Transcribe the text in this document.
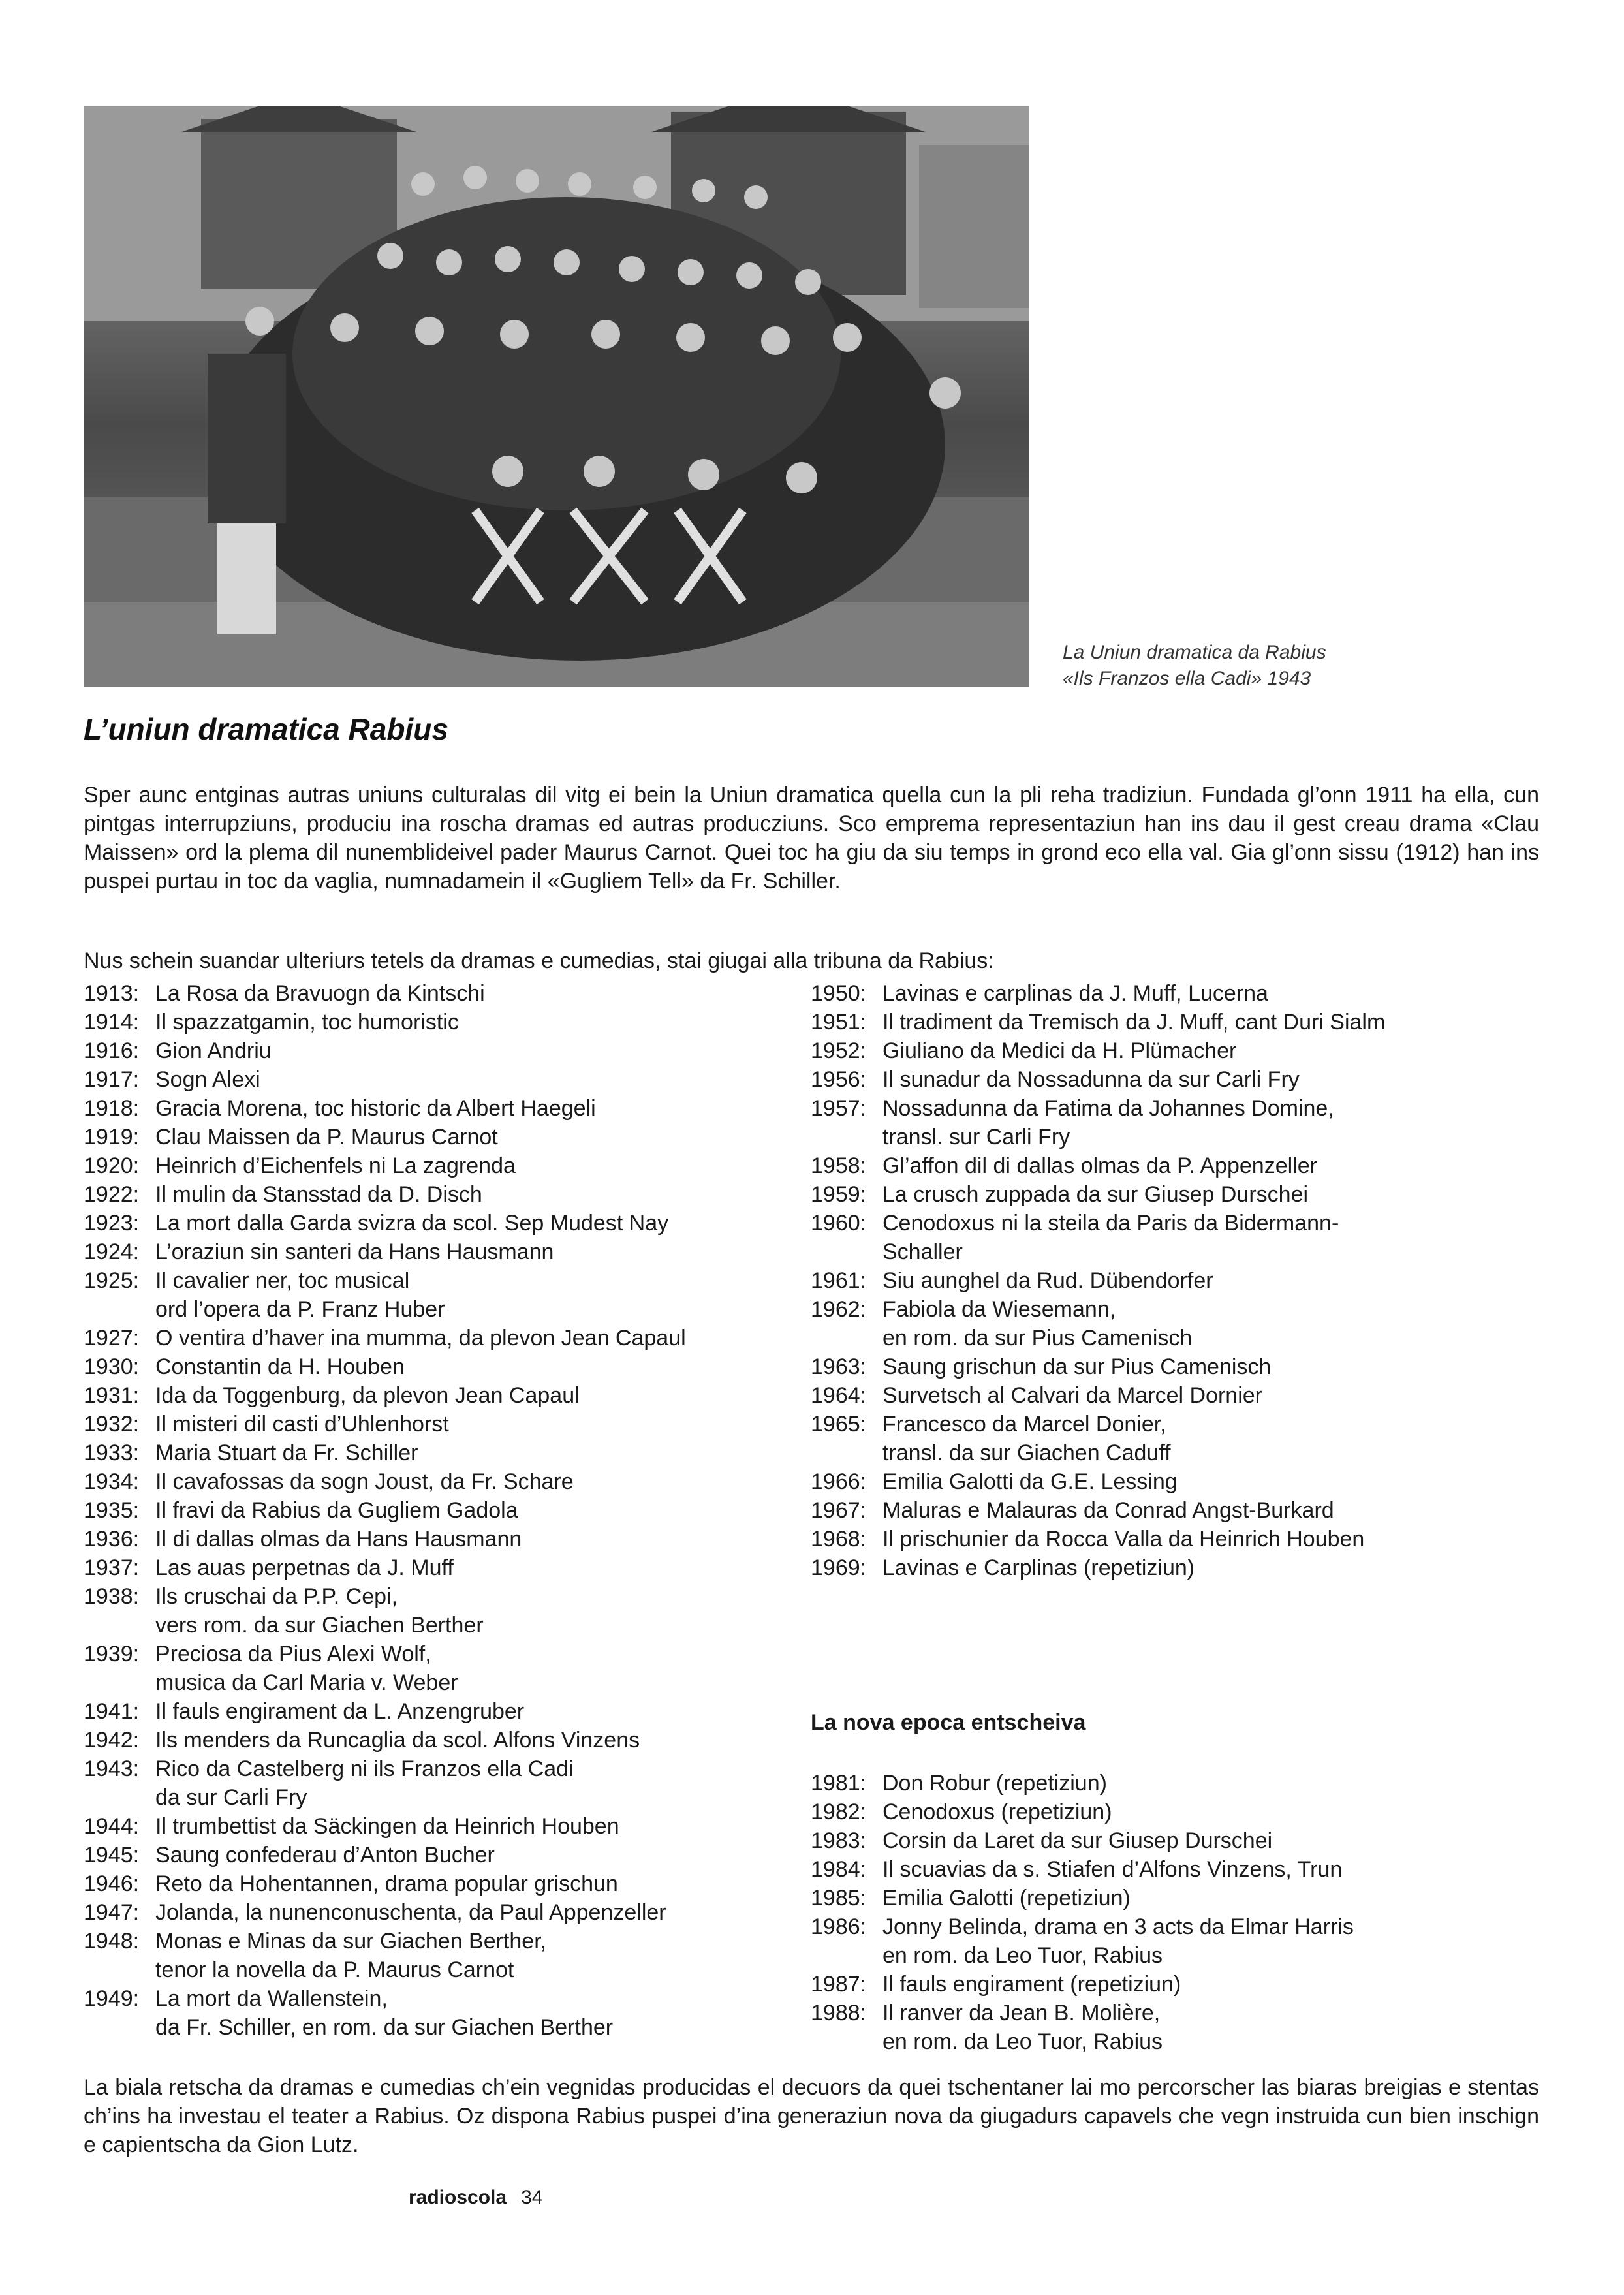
La Uniun dramatica da Rabius
«Ils Franzos ella Cadi» 1943
L’uniun dramatica Rabius
Sper aunc entginas autras uniuns culturalas dil vitg ei bein la Uniun dramatica quella cun la pli reha tradiziun. Fundada gl’onn 1911 ha ella, cun pintgas interrupziuns, produciu ina roscha dramas ed autras producziuns. Sco emprema representaziun han ins dau il gest creau drama «Clau Maissen» ord la plema dil nunemblideivel pader Maurus Carnot. Quei toc ha giu da siu temps in grond eco ella val. Gia gl’onn sissu (1912) han ins puspei purtau in toc da vaglia, numnadamein il «Gugliem Tell» da Fr. Schiller.
Nus schein suandar ulteriurs tetels da dramas e cumedias, stai giugai alla tribuna da Rabius:
1913: La Rosa da Bravuogn da Kintschi
1914: Il spazzatgamin, toc humoristic
1916: Gion Andriu
1917: Sogn Alexi
1918: Gracia Morena, toc historic da Albert Haegeli
1919: Clau Maissen da P. Maurus Carnot
1920: Heinrich d’Eichenfels ni La zagrenda
1922: Il mulin da Stansstad da D. Disch
1923: La mort dalla Garda svizra da scol. Sep Mudest Nay
1924: L’oraziun sin santeri da Hans Hausmann
1925: Il cavalier ner, toc musical
ord l’opera da P. Franz Huber
1927: O ventira d’haver ina mumma, da plevon Jean Capaul
1930: Constantin da H. Houben
1931: Ida da Toggenburg, da plevon Jean Capaul
1932: Il misteri dil casti d’Uhlenhorst
1933: Maria Stuart da Fr. Schiller
1934: Il cavafossas da sogn Joust, da Fr. Schare
1935: Il fravi da Rabius da Gugliem Gadola
1936: Il di dallas olmas da Hans Hausmann
1937: Las auas perpetnas da J. Muff
1938: Ils cruschai da P.P. Cepi,
vers rom. da sur Giachen Berther
1939: Preciosa da Pius Alexi Wolf,
musica da Carl Maria v. Weber
1941: Il fauls engirament da L. Anzengruber
1942: Ils menders da Runcaglia da scol. Alfons Vinzens
1943: Rico da Castelberg ni ils Franzos ella Cadi
da sur Carli Fry
1944: Il trumbettist da Säckingen da Heinrich Houben
1945: Saung confederau d’Anton Bucher
1946: Reto da Hohentannen, drama popular grischun
1947: Jolanda, la nunenconuschenta, da Paul Appenzeller
1948: Monas e Minas da sur Giachen Berther,
tenor la novella da P. Maurus Carnot
1949: La mort da Wallenstein,
da Fr. Schiller, en rom. da sur Giachen Berther
1950: Lavinas e carplinas da J. Muff, Lucerna
1951: Il tradiment da Tremisch da J. Muff, cant Duri Sialm
1952: Giuliano da Medici da H. Plümacher
1956: Il sunadur da Nossadunna da sur Carli Fry
1957: Nossadunna da Fatima da Johannes Domine,
transl. sur Carli Fry
1958: Gl’affon dil di dallas olmas da P. Appenzeller
1959: La crusch zuppada da sur Giusep Durschei
1960: Cenodoxus ni la steila da Paris da Bidermann-
Schaller
1961: Siu aunghel da Rud. Dübendorfer
1962: Fabiola da Wiesemann,
en rom. da sur Pius Camenisch
1963: Saung grischun da sur Pius Camenisch
1964: Survetsch al Calvari da Marcel Dornier
1965: Francesco da Marcel Donier,
transl. da sur Giachen Caduff
1966: Emilia Galotti da G.E. Lessing
1967: Maluras e Malauras da Conrad Angst-Burkard
1968: Il prischunier da Rocca Valla da Heinrich Houben
1969: Lavinas e Carplinas (repetiziun)
La nova epoca entscheiva
1981: Don Robur (repetiziun)
1982: Cenodoxus (repetiziun)
1983: Corsin da Laret da sur Giusep Durschei
1984: Il scuavias da s. Stiafen d’Alfons Vinzens, Trun
1985: Emilia Galotti (repetiziun)
1986: Jonny Belinda, drama en 3 acts da Elmar Harris
en rom. da Leo Tuor, Rabius
1987: Il fauls engirament (repetiziun)
1988: Il ranver da Jean B. Molière,
en rom. da Leo Tuor, Rabius
La biala retscha da dramas e cumedias ch’ein vegnidas producidas el decuors da quei tschentaner lai mo percorscher las biaras breigias e stentas ch’ins ha investau el teater a Rabius. Oz dispona Rabius puspei d’ina generaziun nova da giugadurs capavels che vegn instruida cun bien inschign e capientscha da Gion Lutz.
radioscola 34
